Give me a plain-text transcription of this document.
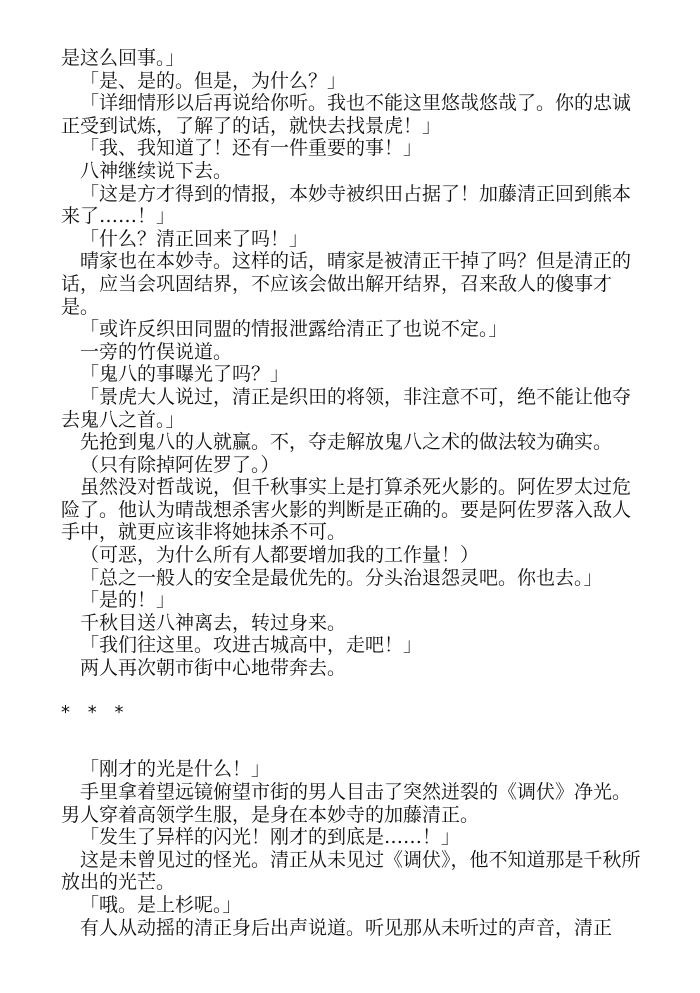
是这么回事。」

「是、是的。但是，为什么？」

「详细情形以后再说给你听。我也不能这里悠哉悠哉了。你的忠诚正受到试炼，了解了的话，就快去找景虎！」

「我、我知道了！还有一件重要的事！」

八神继续说下去。

「这是方才得到的情报，本妙寺被织田占据了！加藤清正回到熊本来了……！」

「什么？清正回来了吗！」

晴家也在本妙寺。这样的话，晴家是被清正干掉了吗？但是清正的话，应当会巩固结界，不应该会做出解开结界，召来敌人的傻事才是。

「或许反织田同盟的情报泄露给清正了也说不定。」

一旁的竹俣说道。

「鬼八的事曝光了吗？」

「景虎大人说过，清正是织田的将领，非注意不可，绝不能让他夺去鬼八之首。」

先抢到鬼八的人就赢。不，夺走解放鬼八之术的做法较为确实。

（只有除掉阿佐罗了。）

虽然没对哲哉说，但千秋事实上是打算杀死火影的。阿佐罗太过危险了。他认为晴哉想杀害火影的判断是正确的。要是阿佐罗落入敌人手中，就更应该非将她抹杀不可。

（可恶，为什么所有人都要增加我的工作量！）

「总之一般人的安全是最优先的。分头治退怨灵吧。你也去。」

「是的！」

千秋目送八神离去，转过身来。

「我们往这里。攻进古城高中，走吧！」

两人再次朝市街中心地带奔去。

* * *

「刚才的光是什么！」

手里拿着望远镜俯望市街的男人目击了突然迸裂的《调伏》净光。男人穿着高领学生服，是身在本妙寺的加藤清正。

「发生了异样的闪光！刚才的到底是……！」

这是未曾见过的怪光。清正从未见过《调伏》，他不知道那是千秋所放出的光芒。

「哦。是上杉呢。」

有人从动摇的清正身后出声说道。听见那从未听过的声音，清正
